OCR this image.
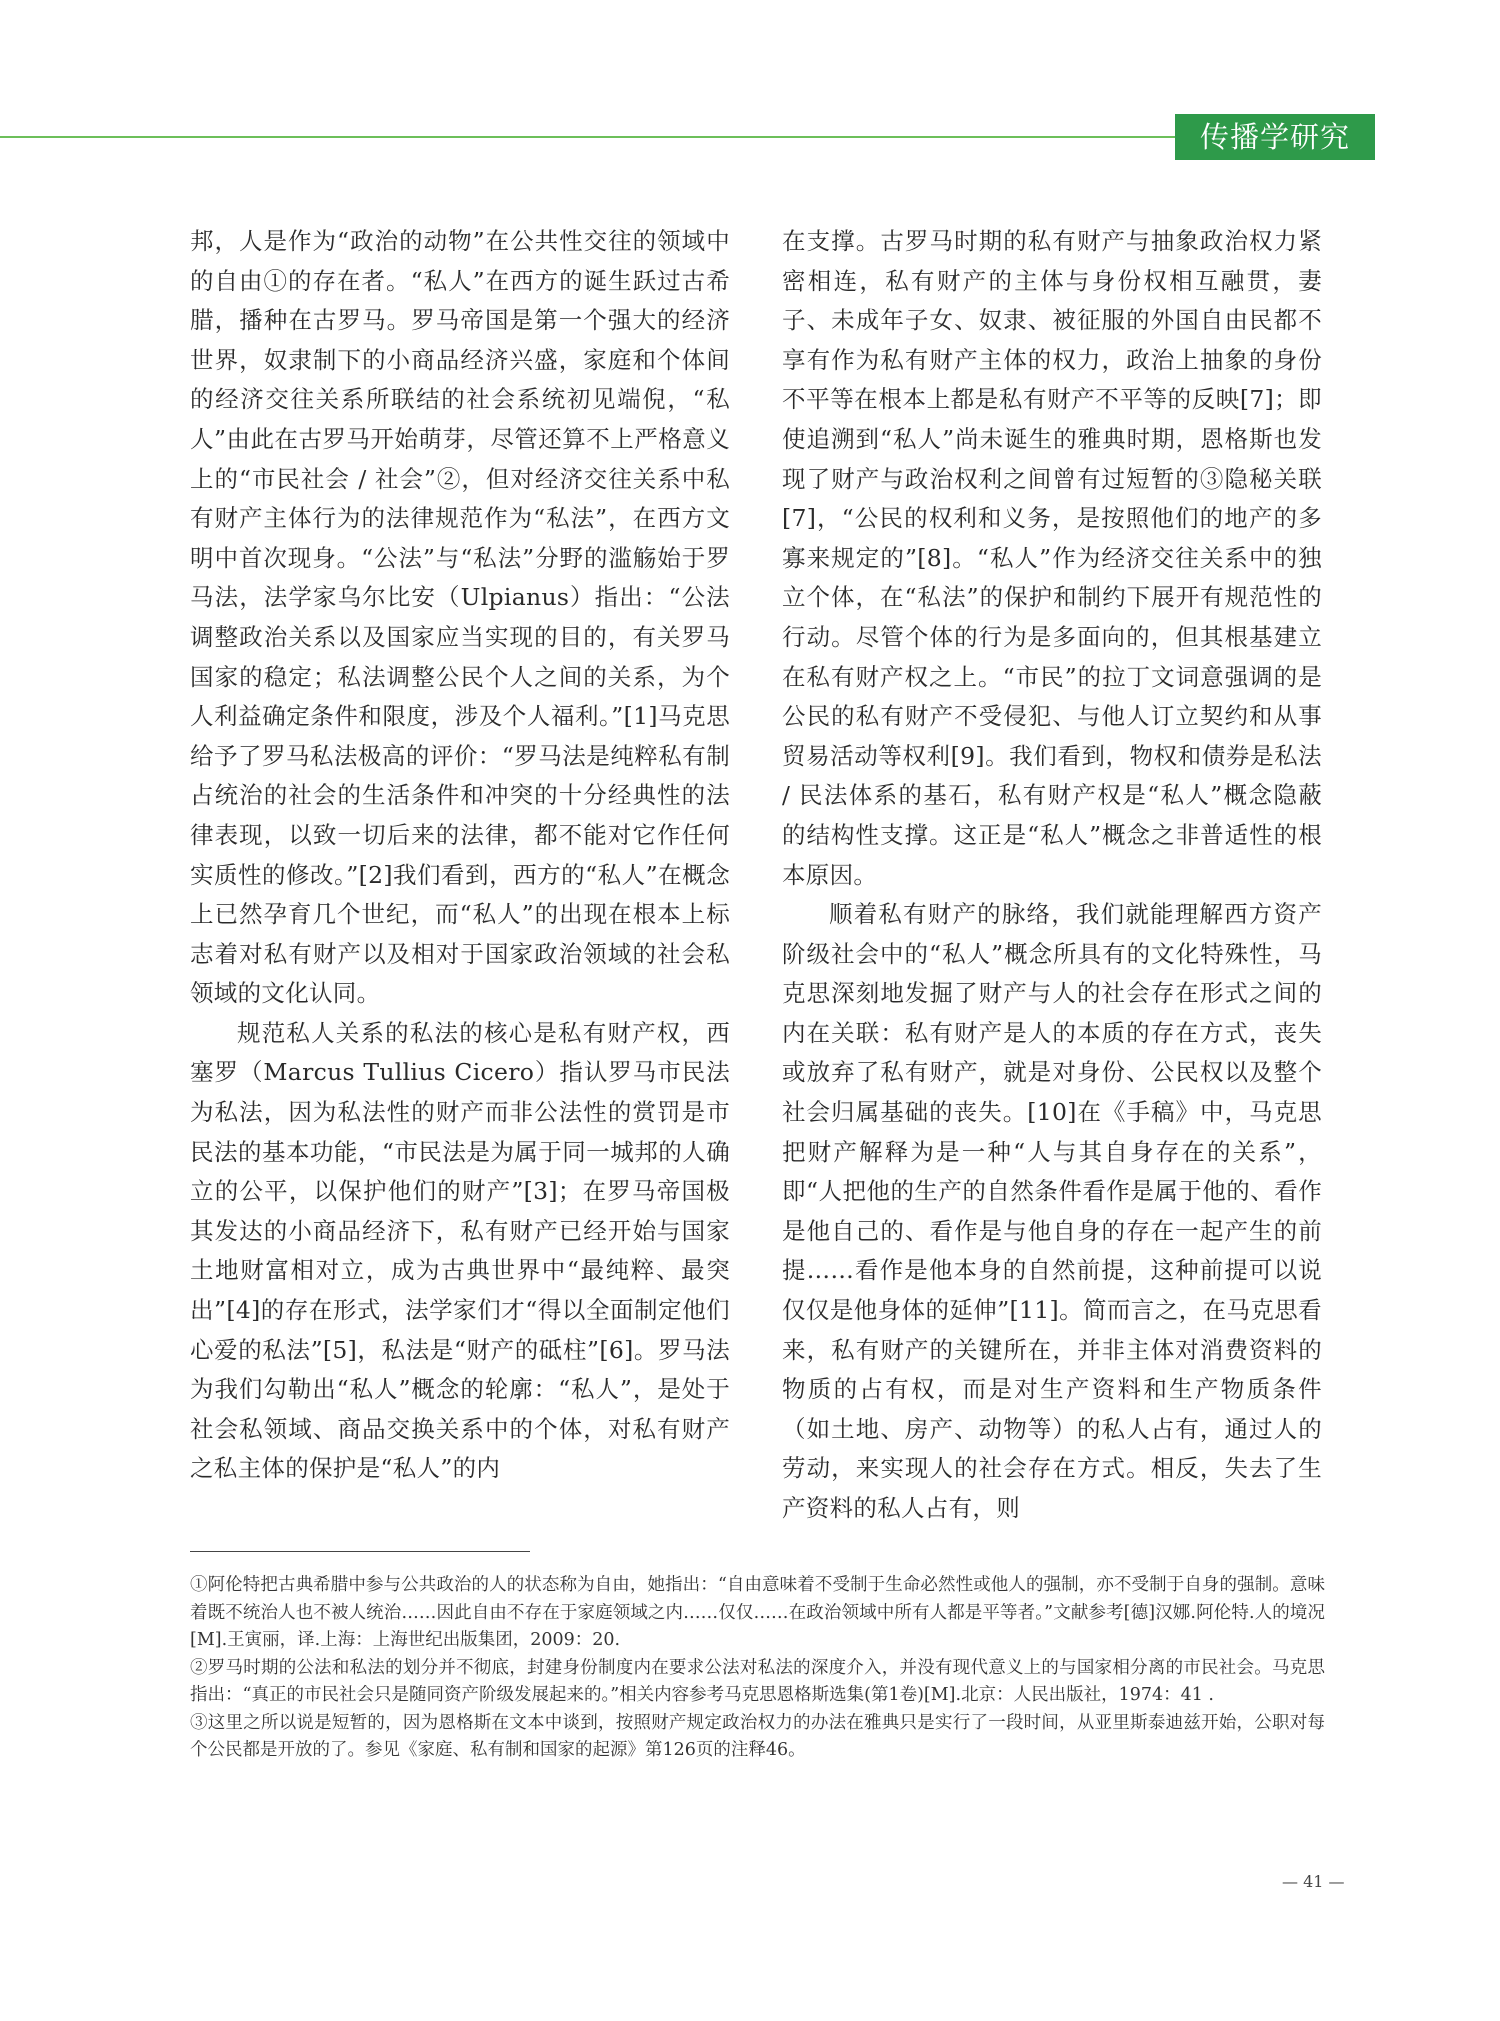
传播学研究

邦，人是作为“政治的动物”在公共性交往的领域中的自由①的存在者。“私人”在西方的诞生跃过古希腊，播种在古罗马。罗马帝国是第一个强大的经济世界，奴隶制下的小商品经济兴盛，家庭和个体间的经济交往关系所联结的社会系统初见端倪，“私人”由此在古罗马开始萌芽，尽管还算不上严格意义上的“市民社会 / 社会”②，但对经济交往关系中私有财产主体行为的法律规范作为“私法”，在西方文明中首次现身。“公法”与“私法”分野的滥觞始于罗马法，法学家乌尔比安（Ulpianus）指出：“公法调整政治关系以及国家应当实现的目的，有关罗马国家的稳定；私法调整公民个人之间的关系，为个人利益确定条件和限度，涉及个人福利。”[1]马克思给予了罗马私法极高的评价：“罗马法是纯粹私有制占统治的社会的生活条件和冲突的十分经典性的法律表现，以致一切后来的法律，都不能对它作任何实质性的修改。”[2]我们看到，西方的“私人”在概念上已然孕育几个世纪，而“私人”的出现在根本上标志着对私有财产以及相对于国家政治领域的社会私领域的文化认同。

规范私人关系的私法的核心是私有财产权，西塞罗（Marcus Tullius Cicero）指认罗马市民法为私法，因为私法性的财产而非公法性的赏罚是市民法的基本功能，“市民法是为属于同一城邦的人确立的公平，以保护他们的财产”[3]；在罗马帝国极其发达的小商品经济下，私有财产已经开始与国家土地财富相对立，成为古典世界中“最纯粹、最突出”[4]的存在形式，法学家们才“得以全面制定他们心爱的私法”[5]，私法是“财产的砥柱”[6]。罗马法为我们勾勒出“私人”概念的轮廓：“私人”，是处于社会私领域、商品交换关系中的个体，对私有财产之私主体的保护是“私人”的内

在支撑。古罗马时期的私有财产与抽象政治权力紧密相连，私有财产的主体与身份权相互融贯，妻子、未成年子女、奴隶、被征服的外国自由民都不享有作为私有财产主体的权力，政治上抽象的身份不平等在根本上都是私有财产不平等的反映[7]；即使追溯到“私人”尚未诞生的雅典时期，恩格斯也发现了财产与政治权利之间曾有过短暂的③隐秘关联[7]，“公民的权利和义务，是按照他们的地产的多寡来规定的”[8]。“私人”作为经济交往关系中的独立个体，在“私法”的保护和制约下展开有规范性的行动。尽管个体的行为是多面向的，但其根基建立在私有财产权之上。“市民”的拉丁文词意强调的是公民的私有财产不受侵犯、与他人订立契约和从事贸易活动等权利[9]。我们看到，物权和债券是私法 / 民法体系的基石，私有财产权是“私人”概念隐蔽的结构性支撑。这正是“私人”概念之非普适性的根本原因。

顺着私有财产的脉络，我们就能理解西方资产阶级社会中的“私人”概念所具有的文化特殊性，马克思深刻地发掘了财产与人的社会存在形式之间的内在关联：私有财产是人的本质的存在方式，丧失或放弃了私有财产，就是对身份、公民权以及整个社会归属基础的丧失。[10]在《手稿》中，马克思把财产解释为是一种“人与其自身存在的关系”，即“人把他的生产的自然条件看作是属于他的、看作是他自己的、看作是与他自身的存在一起产生的前提……看作是他本身的自然前提，这种前提可以说仅仅是他身体的延伸”[11]。简而言之，在马克思看来，私有财产的关键所在，并非主体对消费资料的物质的占有权，而是对生产资料和生产物质条件（如土地、房产、动物等）的私人占有，通过人的劳动，来实现人的社会存在方式。相反，失去了生产资料的私人占有，则

①阿伦特把古典希腊中参与公共政治的人的状态称为自由，她指出：“自由意味着不受制于生命必然性或他人的强制，亦不受制于自身的强制。意味着既不统治人也不被人统治……因此自由不存在于家庭领域之内……仅仅……在政治领域中所有人都是平等者。”文献参考[德]汉娜.阿伦特.人的境况[M].王寅丽，译.上海：上海世纪出版集团，2009：20.

②罗马时期的公法和私法的划分并不彻底，封建身份制度内在要求公法对私法的深度介入，并没有现代意义上的与国家相分离的市民社会。马克思指出：“真正的市民社会只是随同资产阶级发展起来的。”相关内容参考马克思恩格斯选集(第1卷)[M].北京：人民出版社，1974：41 .

③这里之所以说是短暂的，因为恩格斯在文本中谈到，按照财产规定政治权力的办法在雅典只是实行了一段时间，从亚里斯泰迪兹开始，公职对每个公民都是开放的了。参见《家庭、私有制和国家的起源》第126页的注释46。

— 41 —
